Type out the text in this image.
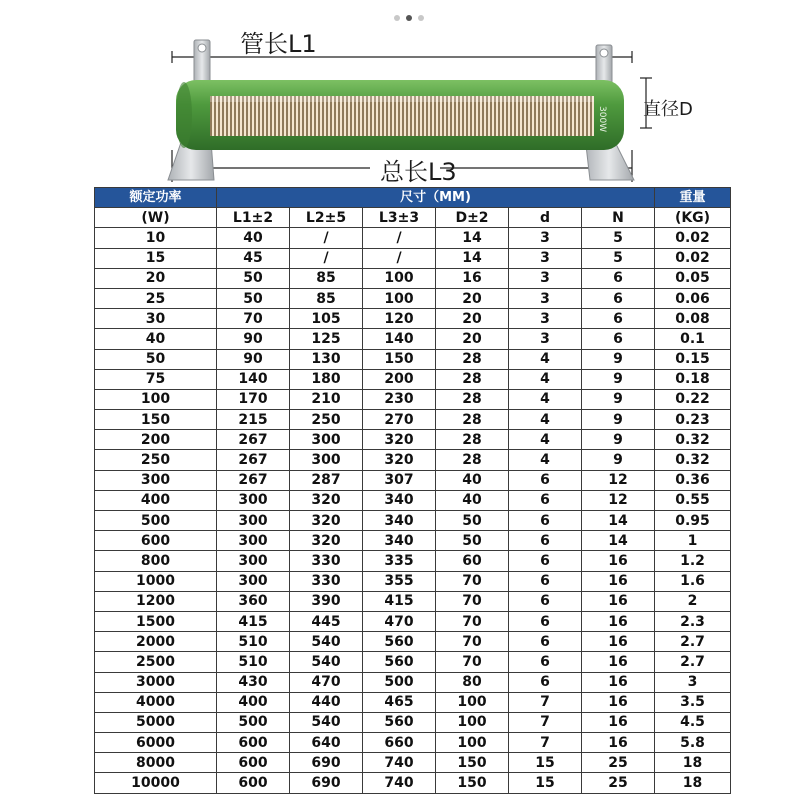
300W
管长L1
直径D
总长L3
额定功率	尺寸（MM)						重量
(W)	L1±2	L2±5	L3±3	D±2	d	N	(KG)
10	40	/	/	14	3	5	0.02
15	45	/	/	14	3	5	0.02
20	50	85	100	16	3	6	0.05
25	50	85	100	20	3	6	0.06
30	70	105	120	20	3	6	0.08
40	90	125	140	20	3	6	0.1
50	90	130	150	28	4	9	0.15
75	140	180	200	28	4	9	0.18
100	170	210	230	28	4	9	0.22
150	215	250	270	28	4	9	0.23
200	267	300	320	28	4	9	0.32
250	267	300	320	28	4	9	0.32
300	267	287	307	40	6	12	0.36
400	300	320	340	40	6	12	0.55
500	300	320	340	50	6	14	0.95
600	300	320	340	50	6	14	1
800	300	330	335	60	6	16	1.2
1000	300	330	355	70	6	16	1.6
1200	360	390	415	70	6	16	2
1500	415	445	470	70	6	16	2.3
2000	510	540	560	70	6	16	2.7
2500	510	540	560	70	6	16	2.7
3000	430	470	500	80	6	16	3
4000	400	440	465	100	7	16	3.5
5000	500	540	560	100	7	16	4.5
6000	600	640	660	100	7	16	5.8
8000	600	690	740	150	15	25	18
10000	600	690	740	150	15	25	18
